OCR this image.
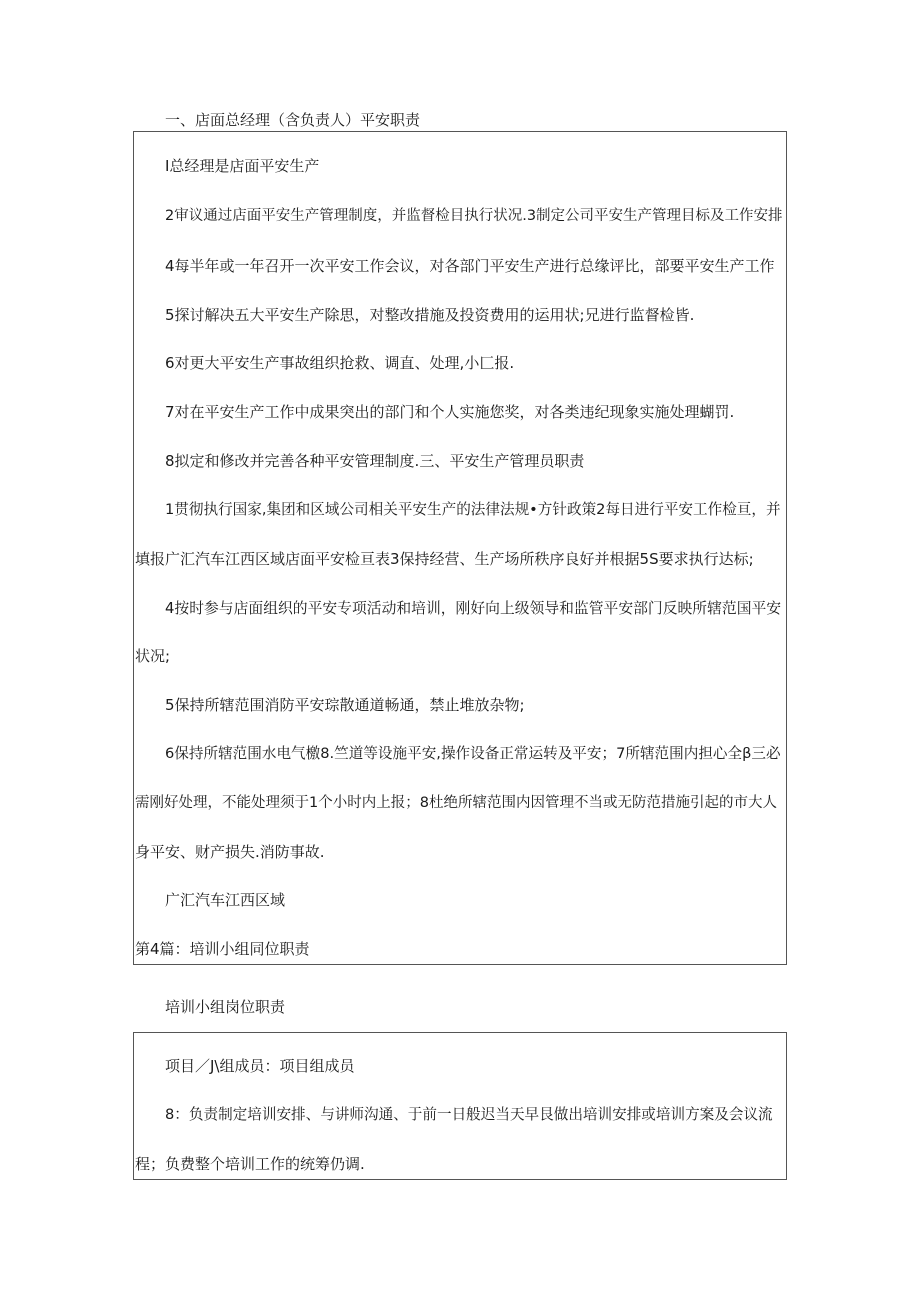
一、店面总经理（含负责人）平安职责
I总经理是店面平安生产
2审议通过店面平安生产管理制度，并监督检目执行状况.3制定公司平安生产管理目标及工作安排
4每半年或一年召开一次平安工作会议，对各部门平安生产进行总缘评比，部要平安生产工作
5探讨解决五大平安生产除思，对整改措施及投资费用的运用状;兄进行监督检皆.
6对更大平安生产事故组织抢救、调直、处理,小匚报.
7对在平安生产工作中成果突出的部门和个人实施您奖，对各类违纪现象实施处理蝴罚.
8拟定和修改并完善各种平安管理制度.三、平安生产管理员职责
1贯彻执行国家,集团和区域公司相关平安生产的法律法规•方针政策2每日进行平安工作检亘，并
填报广汇汽车江西区域店面平安检亘表3保持经营、生产场所秩序良好并根据5S要求执行达标;
4按时参与店面组织的平安专项活动和培训，刚好向上级领导和监管平安部门反映所辖范国平安
状况;
5保持所辖范围消防平安琮散通道畅通，禁止堆放杂物;
6保持所辖范围水电气檄8.竺道等设施平安,操作设备正常运转及平安；7所辖范围内担心全β三必
需刚好处理，不能处理须于1个小时内上报；8杜绝所辖范围内因管理不当或无防范措施引起的市大人
身平安、财产损失.消防事故.
广汇汽车江西区域
第4篇：培训小组同位职责
培训小组岗位职责
项目／J\组成员：项目组成员
8：负责制定培训安排、与讲师沟通、于前一日般迟当天早艮做出培训安排或培训方案及会议流
程；负费整个培训工作的统筹仍调.
